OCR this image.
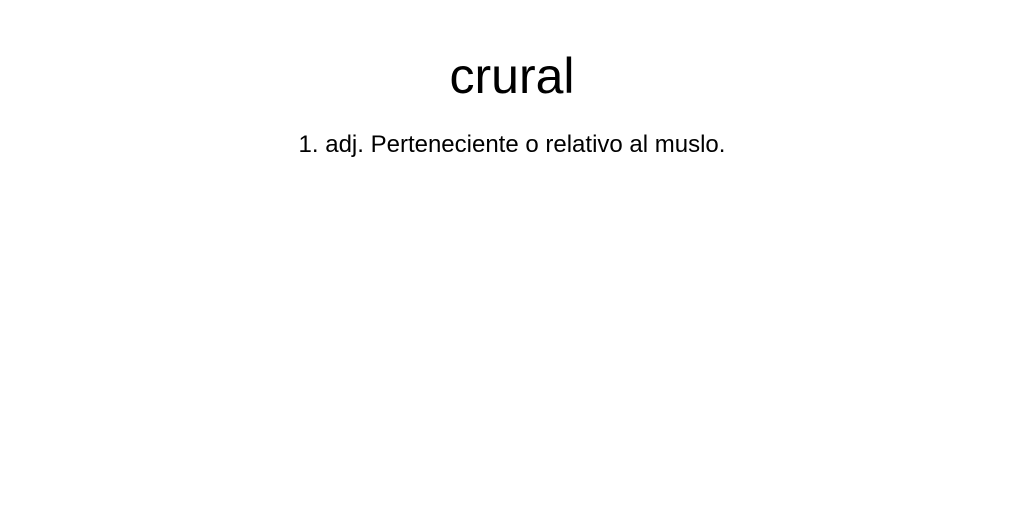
crural

1. adj. Perteneciente o relativo al muslo.
